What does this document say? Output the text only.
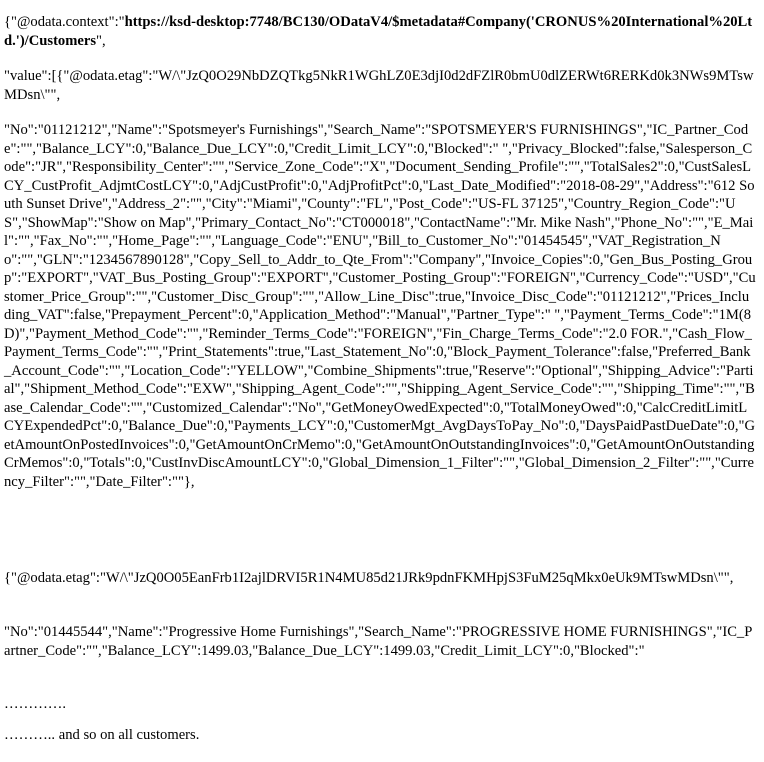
{"@odata.context":"https://ksd-desktop:7748/BC130/ODataV4/$metadata#Company('CRONUS%20International%20Ltd.')/Customers",

"value":[{"@odata.etag":"W/\"JzQ0O29NbDZQTkg5NkR1WGhLZ0E3djI0d2dFZlR0bmU0dlZERWt6RERKd0k3NWs9MTswMDsn\"",

"No":"01121212","Name":"Spotsmeyer's Furnishings","Search_Name":"SPOTSMEYER'S FURNISHINGS","IC_Partner_Code":"","Balance_LCY":0,"Balance_Due_LCY":0,"Credit_Limit_LCY":0,"Blocked":" ","Privacy_Blocked":false,"Salesperson_Code":"JR","Responsibility_Center":"","Service_Zone_Code":"X","Document_Sending_Profile":"","TotalSales2":0,"CustSalesLCY_CustProfit_AdjmtCostLCY":0,"AdjCustProfit":0,"AdjProfitPct":0,"Last_Date_Modified":"2018-08-29","Address":"612 South Sunset Drive","Address_2":"","City":"Miami","County":"FL","Post_Code":"US-FL 37125","Country_Region_Code":"US","ShowMap":"Show on Map","Primary_Contact_No":"CT000018","ContactName":"Mr. Mike Nash","Phone_No":"","E_Mail":"","Fax_No":"","Home_Page":"","Language_Code":"ENU","Bill_to_Customer_No":"01454545","VAT_Registration_No":"","GLN":"1234567890128","Copy_Sell_to_Addr_to_Qte_From":"Company","Invoice_Copies":0,"Gen_Bus_Posting_Group":"EXPORT","VAT_Bus_Posting_Group":"EXPORT","Customer_Posting_Group":"FOREIGN","Currency_Code":"USD","Customer_Price_Group":"","Customer_Disc_Group":"","Allow_Line_Disc":true,"Invoice_Disc_Code":"01121212","Prices_Including_VAT":false,"Prepayment_Percent":0,"Application_Method":"Manual","Partner_Type":" ","Payment_Terms_Code":"1M(8D)","Payment_Method_Code":"","Reminder_Terms_Code":"FOREIGN","Fin_Charge_Terms_Code":"2.0 FOR.","Cash_Flow_Payment_Terms_Code":"","Print_Statements":true,"Last_Statement_No":0,"Block_Payment_Tolerance":false,"Preferred_Bank_Account_Code":"","Location_Code":"YELLOW","Combine_Shipments":true,"Reserve":"Optional","Shipping_Advice":"Partial","Shipment_Method_Code":"EXW","Shipping_Agent_Code":"","Shipping_Agent_Service_Code":"","Shipping_Time":"","Base_Calendar_Code":"","Customized_Calendar":"No","GetMoneyOwedExpected":0,"TotalMoneyOwed":0,"CalcCreditLimitLCYExpendedPct":0,"Balance_Due":0,"Payments_LCY":0,"CustomerMgt_AvgDaysToPay_No":0,"DaysPaidPastDueDate":0,"GetAmountOnPostedInvoices":0,"GetAmountOnCrMemo":0,"GetAmountOnOutstandingInvoices":0,"GetAmountOnOutstandingCrMemos":0,"Totals":0,"CustInvDiscAmountLCY":0,"Global_Dimension_1_Filter":"","Global_Dimension_2_Filter":"","Currency_Filter":"","Date_Filter":""},

{"@odata.etag":"W/\"JzQ0O05EanFrb1I2ajlDRVI5R1N4MU85d21JRk9pdnFKMHpjS3FuM25qMkx0eUk9MTswMDsn\"",

"No":"01445544","Name":"Progressive Home Furnishings","Search_Name":"PROGRESSIVE HOME FURNISHINGS","IC_Partner_Code":"","Balance_LCY":1499.03,"Balance_Due_LCY":1499.03,"Credit_Limit_LCY":0,"Blocked":"

………….

……….. and so on all customers.
